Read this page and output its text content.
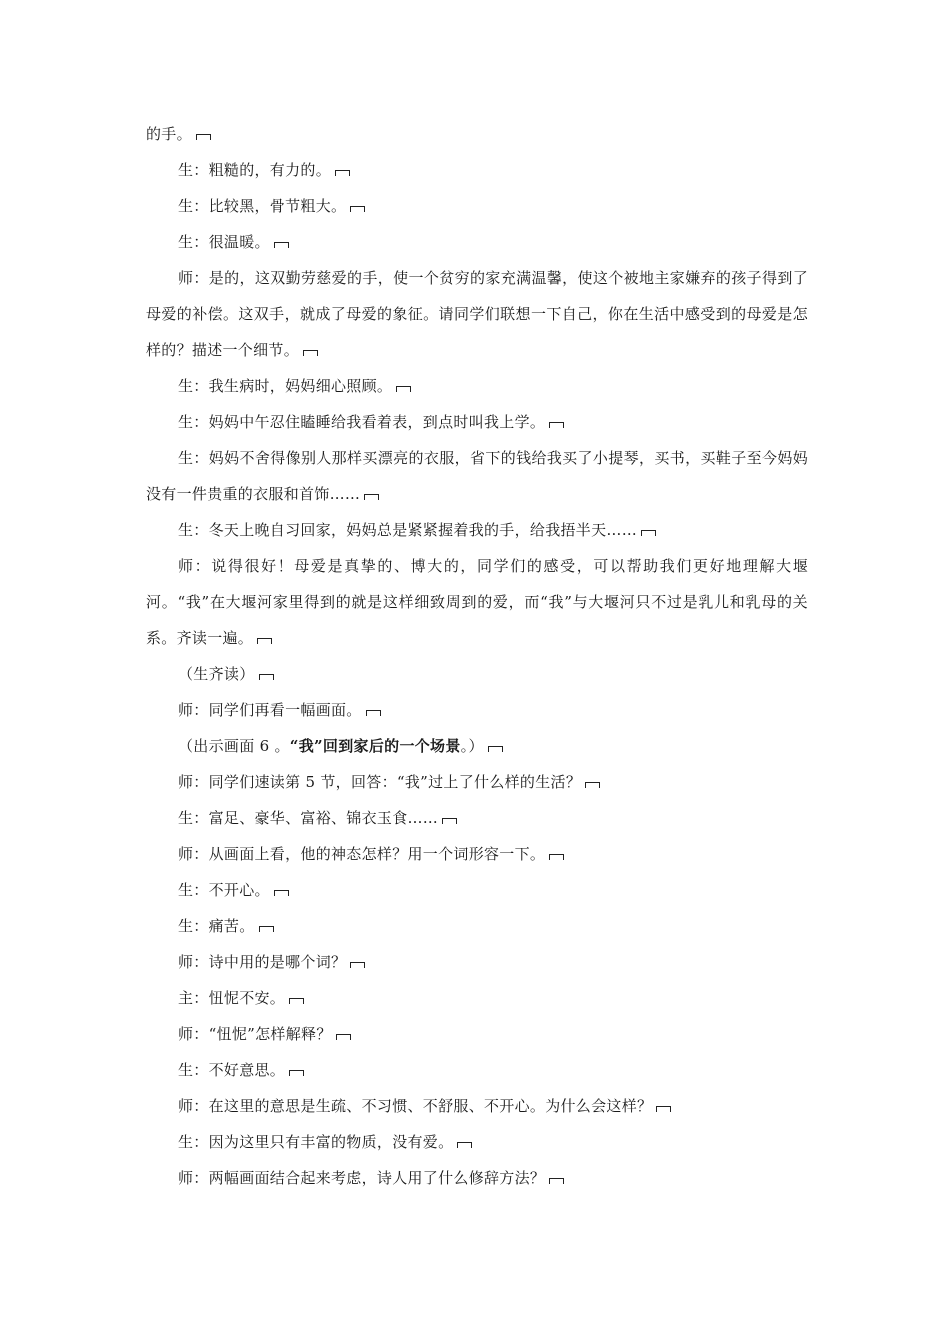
的手。

生：粗糙的，有力的。

生：比较黑，骨节粗大。

生：很温暖。

师：是的，这双勤劳慈爱的手，使一个贫穷的家充满温馨，使这个被地主家嫌弃的孩子得到了母爱的补偿。这双手，就成了母爱的象征。请同学们联想一下自己，你在生活中感受到的母爱是怎样的？描述一个细节。

生：我生病时，妈妈细心照顾。

生：妈妈中午忍住瞌睡给我看着表，到点时叫我上学。

生：妈妈不舍得像别人那样买漂亮的衣服，省下的钱给我买了小提琴，买书，买鞋子至今妈妈没有一件贵重的衣服和首饰……

生：冬天上晚自习回家，妈妈总是紧紧握着我的手，给我捂半天……

师：说得很好！母爱是真挚的、博大的，同学们的感受，可以帮助我们更好地理解大堰河。“我”在大堰河家里得到的就是这样细致周到的爱，而“我”与大堰河只不过是乳儿和乳母的关系。齐读一遍。

（生齐读）

师：同学们再看一幅画面。

（出示画面 6 。“我”回到家后的一个场景。）

师：同学们速读第 5 节，回答：“我”过上了什么样的生活？

生：富足、豪华、富裕、锦衣玉食……

师：从画面上看，他的神态怎样？用一个词形容一下。

生：不开心。

生：痛苦。

师：诗中用的是哪个词？

主：忸怩不安。

师：“忸怩”怎样解释？

生：不好意思。

师：在这里的意思是生疏、不习惯、不舒服、不开心。为什么会这样？

生：因为这里只有丰富的物质，没有爱。

师：两幅画面结合起来考虑，诗人用了什么修辞方法？
